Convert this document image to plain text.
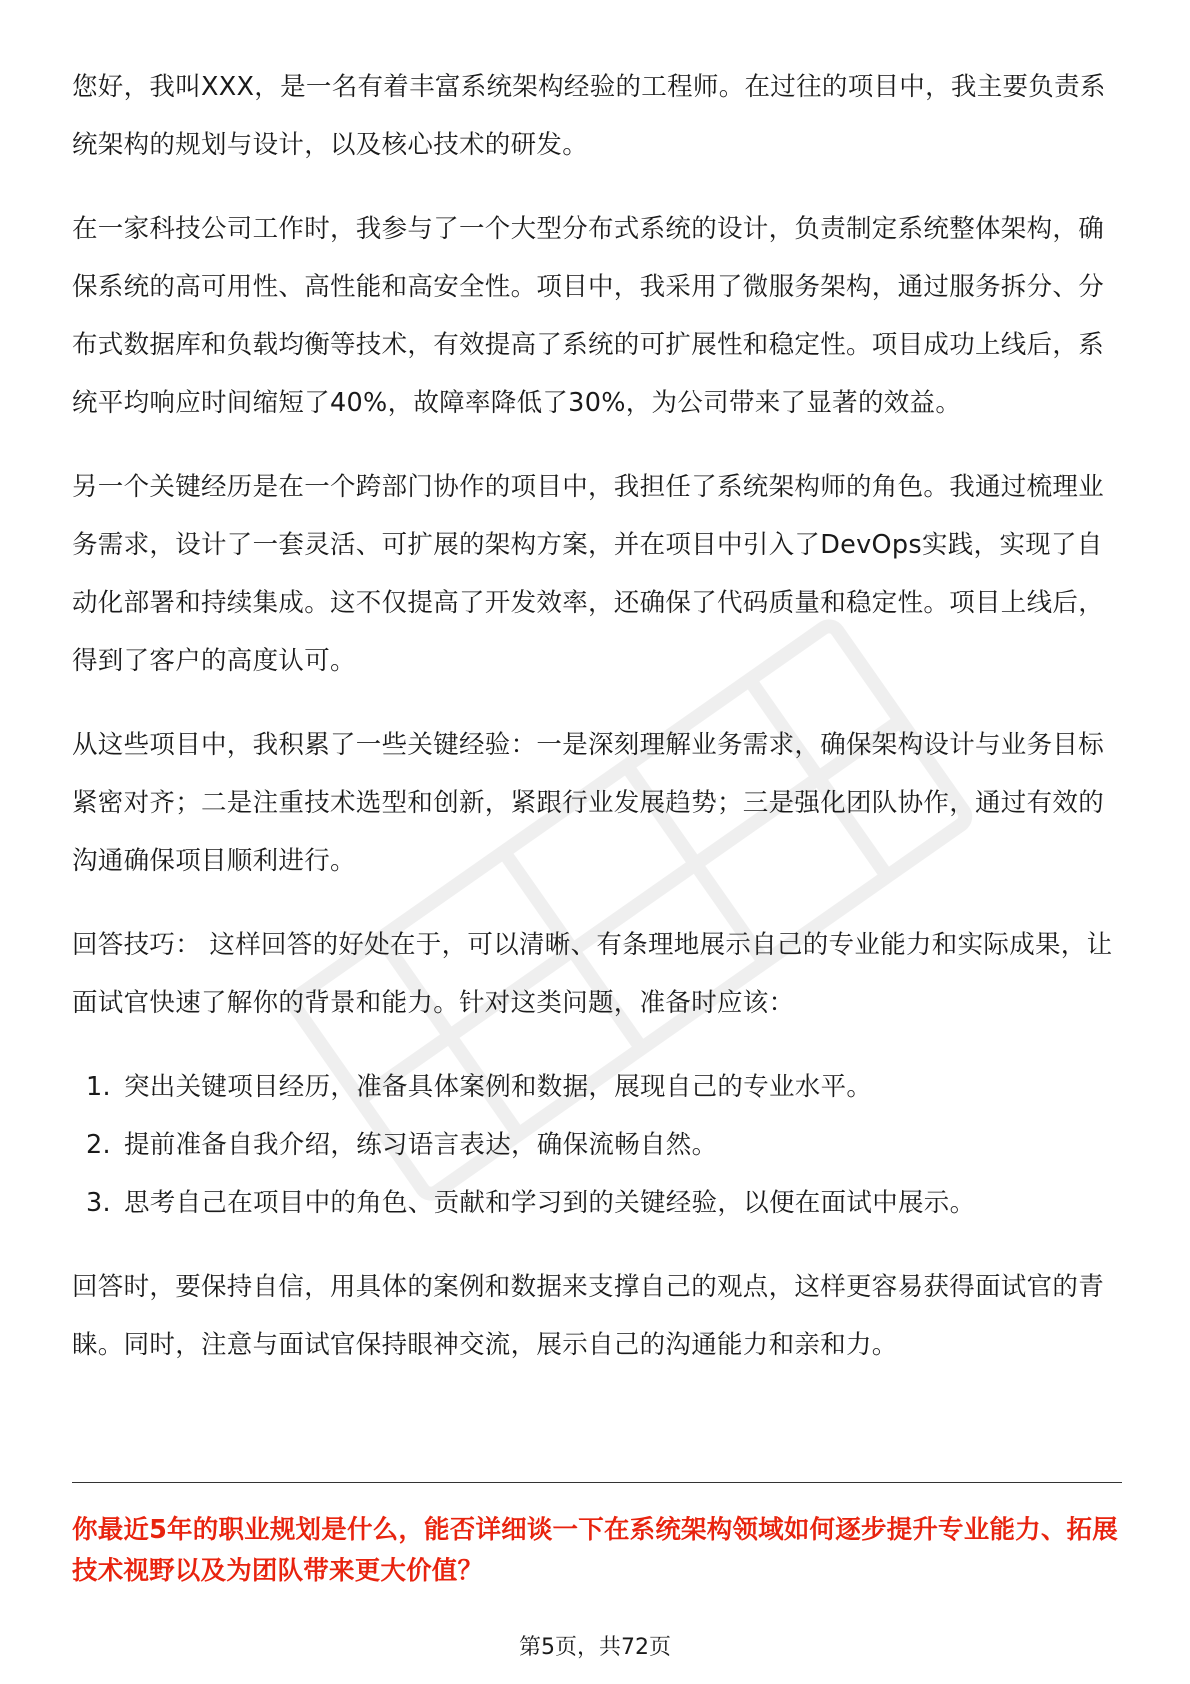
您好，我叫XXX，是一名有着丰富系统架构经验的工程师。在过往的项目中，我主要负责系统架构的规划与设计，以及核心技术的研发。

在一家科技公司工作时，我参与了一个大型分布式系统的设计，负责制定系统整体架构，确保系统的高可用性、高性能和高安全性。项目中，我采用了微服务架构，通过服务拆分、分布式数据库和负载均衡等技术，有效提高了系统的可扩展性和稳定性。项目成功上线后，系统平均响应时间缩短了40%，故障率降低了30%，为公司带来了显著的效益。

另一个关键经历是在一个跨部门协作的项目中，我担任了系统架构师的角色。我通过梳理业务需求，设计了一套灵活、可扩展的架构方案，并在项目中引入了DevOps实践，实现了自动化部署和持续集成。这不仅提高了开发效率，还确保了代码质量和稳定性。项目上线后，得到了客户的高度认可。

从这些项目中，我积累了一些关键经验：一是深刻理解业务需求，确保架构设计与业务目标紧密对齐；二是注重技术选型和创新，紧跟行业发展趋势；三是强化团队协作，通过有效的沟通确保项目顺利进行。

回答技巧： 这样回答的好处在于，可以清晰、有条理地展示自己的专业能力和实际成果，让面试官快速了解你的背景和能力。针对这类问题，准备时应该：

1. 突出关键项目经历，准备具体案例和数据，展现自己的专业水平。
2. 提前准备自我介绍，练习语言表达，确保流畅自然。
3. 思考自己在项目中的角色、贡献和学习到的关键经验，以便在面试中展示。

回答时，要保持自信，用具体的案例和数据来支撑自己的观点，这样更容易获得面试官的青睐。同时，注意与面试官保持眼神交流，展示自己的沟通能力和亲和力。

你最近5年的职业规划是什么，能否详细谈一下在系统架构领域如何逐步提升专业能力、拓展技术视野以及为团队带来更大价值？
第5页，共72页
